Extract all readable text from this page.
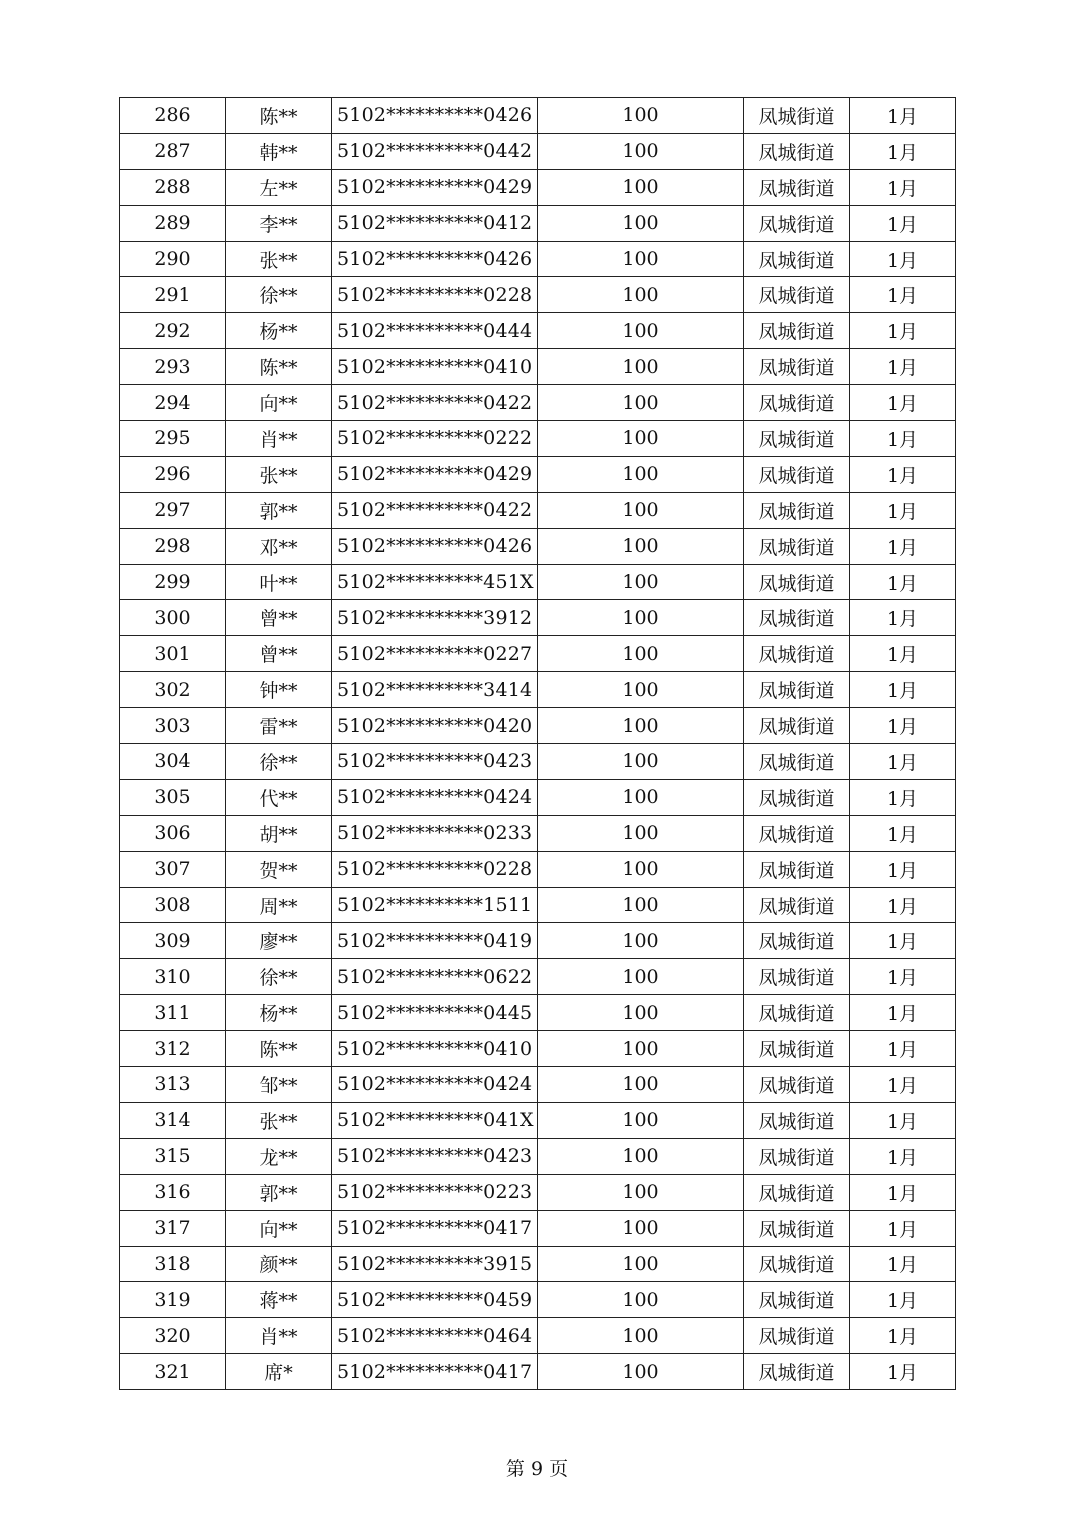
286	陈**	5102**********0426	100	凤城街道	1月
287	韩**	5102**********0442	100	凤城街道	1月
288	左**	5102**********0429	100	凤城街道	1月
289	李**	5102**********0412	100	凤城街道	1月
290	张**	5102**********0426	100	凤城街道	1月
291	徐**	5102**********0228	100	凤城街道	1月
292	杨**	5102**********0444	100	凤城街道	1月
293	陈**	5102**********0410	100	凤城街道	1月
294	向**	5102**********0422	100	凤城街道	1月
295	肖**	5102**********0222	100	凤城街道	1月
296	张**	5102**********0429	100	凤城街道	1月
297	郭**	5102**********0422	100	凤城街道	1月
298	邓**	5102**********0426	100	凤城街道	1月
299	叶**	5102**********451X	100	凤城街道	1月
300	曾**	5102**********3912	100	凤城街道	1月
301	曾**	5102**********0227	100	凤城街道	1月
302	钟**	5102**********3414	100	凤城街道	1月
303	雷**	5102**********0420	100	凤城街道	1月
304	徐**	5102**********0423	100	凤城街道	1月
305	代**	5102**********0424	100	凤城街道	1月
306	胡**	5102**********0233	100	凤城街道	1月
307	贺**	5102**********0228	100	凤城街道	1月
308	周**	5102**********1511	100	凤城街道	1月
309	廖**	5102**********0419	100	凤城街道	1月
310	徐**	5102**********0622	100	凤城街道	1月
311	杨**	5102**********0445	100	凤城街道	1月
312	陈**	5102**********0410	100	凤城街道	1月
313	邹**	5102**********0424	100	凤城街道	1月
314	张**	5102**********041X	100	凤城街道	1月
315	龙**	5102**********0423	100	凤城街道	1月
316	郭**	5102**********0223	100	凤城街道	1月
317	向**	5102**********0417	100	凤城街道	1月
318	颜**	5102**********3915	100	凤城街道	1月
319	蒋**	5102**********0459	100	凤城街道	1月
320	肖**	5102**********0464	100	凤城街道	1月
321	席*	5102**********0417	100	凤城街道	1月
第 9 页
